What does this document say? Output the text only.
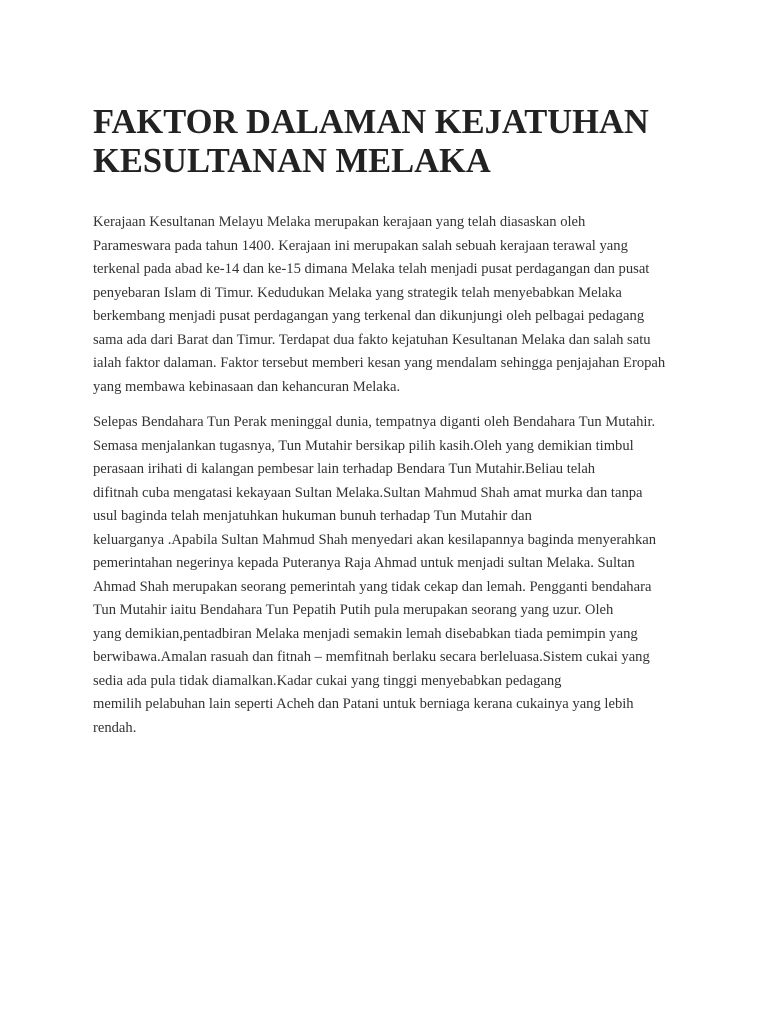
FAKTOR DALAMAN KEJATUHAN
KESULTANAN MELAKA

Kerajaan Kesultanan Melayu Melaka merupakan kerajaan yang telah diasaskan oleh
Parameswara pada tahun 1400. Kerajaan ini merupakan salah sebuah kerajaan terawal yang
terkenal pada abad ke-14 dan ke-15 dimana Melaka telah menjadi pusat perdagangan dan pusat
penyebaran Islam di Timur. Kedudukan Melaka yang strategik telah menyebabkan Melaka
berkembang menjadi pusat perdagangan yang terkenal dan dikunjungi oleh pelbagai pedagang
sama ada dari Barat dan Timur. Terdapat dua fakto kejatuhan Kesultanan Melaka dan salah satu
ialah faktor dalaman. Faktor tersebut memberi kesan yang mendalam sehingga penjajahan Eropah
yang membawa kebinasaan dan kehancuran Melaka.

Selepas Bendahara Tun Perak meninggal dunia, tempatnya diganti oleh Bendahara Tun Mutahir.
Semasa menjalankan tugasnya, Tun Mutahir bersikap pilih kasih.Oleh yang demikian timbul
perasaan irihati di kalangan pembesar lain terhadap Bendara Tun Mutahir.Beliau telah
difitnah cuba mengatasi kekayaan Sultan Melaka.Sultan Mahmud Shah amat murka dan tanpa
usul baginda telah menjatuhkan hukuman bunuh terhadap Tun Mutahir dan
keluarganya .Apabila Sultan Mahmud Shah menyedari akan kesilapannya baginda menyerahkan
pemerintahan negerinya kepada Puteranya Raja Ahmad untuk menjadi sultan Melaka. Sultan
Ahmad Shah merupakan seorang pemerintah yang tidak cekap dan lemah. Pengganti bendahara
Tun Mutahir iaitu Bendahara Tun Pepatih Putih pula merupakan seorang yang uzur. Oleh
yang demikian,pentadbiran Melaka menjadi semakin lemah disebabkan tiada pemimpin yang
berwibawa.Amalan rasuah dan fitnah – memfitnah berlaku secara berleluasa.Sistem cukai yang
sedia ada pula tidak diamalkan.Kadar cukai yang tinggi menyebabkan pedagang
memilih pelabuhan lain seperti Acheh dan Patani untuk berniaga kerana cukainya yang lebih
rendah.
